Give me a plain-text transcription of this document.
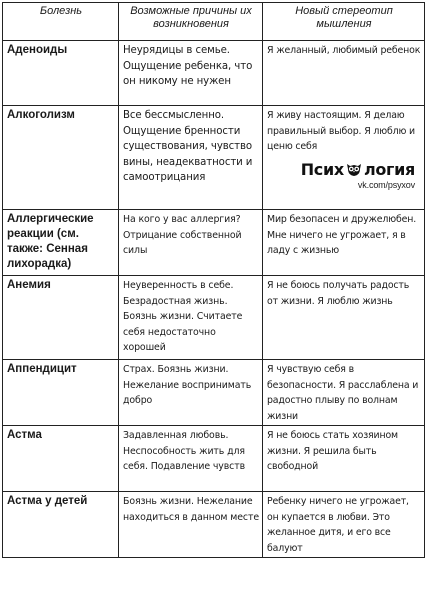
Болезнь	Возможные причины их возникновения	Новый стереотип мышления
Аденоиды	Неурядицы в семье. Ощущение ребенка, что он никому не нужен	Я желанный, любимый ребенок
Алкоголизм	Все бессмысленно. Ощущение бренности существования, чувство вины, неадекватности и самоотрицания	Я живу настоящим. Я делаю правильный выбор. Я люблю и ценю себя
Псих логия
vk.com/psyxov

Аллергические реакции (см. также: Сенная лихорадка)	На кого у вас аллергия? Отрицание собственной силы	Мир безопасен и дружелюбен. Мне ничего не угрожает, я в ладу с жизнью
Анемия	Неуверенность в себе. Безрадостная жизнь. Боязнь жизни. Считаете себя недостаточно хорошей	Я не боюсь получать радость от жизни. Я люблю жизнь
Аппендицит	Страх. Боязнь жизни. Нежелание воспринимать добро	Я чувствую себя в безопасности. Я расслаблена и радостно плыву по волнам жизни
Астма	Задавленная любовь. Неспособность жить для себя. Подавление чувств	Я не боюсь стать хозяином жизни. Я решила быть свободной
Астма у детей	Боязнь жизни. Нежелание находиться в данном месте	Ребенку ничего не угрожает, он купается в любви. Это желанное дитя, и его все балуют
